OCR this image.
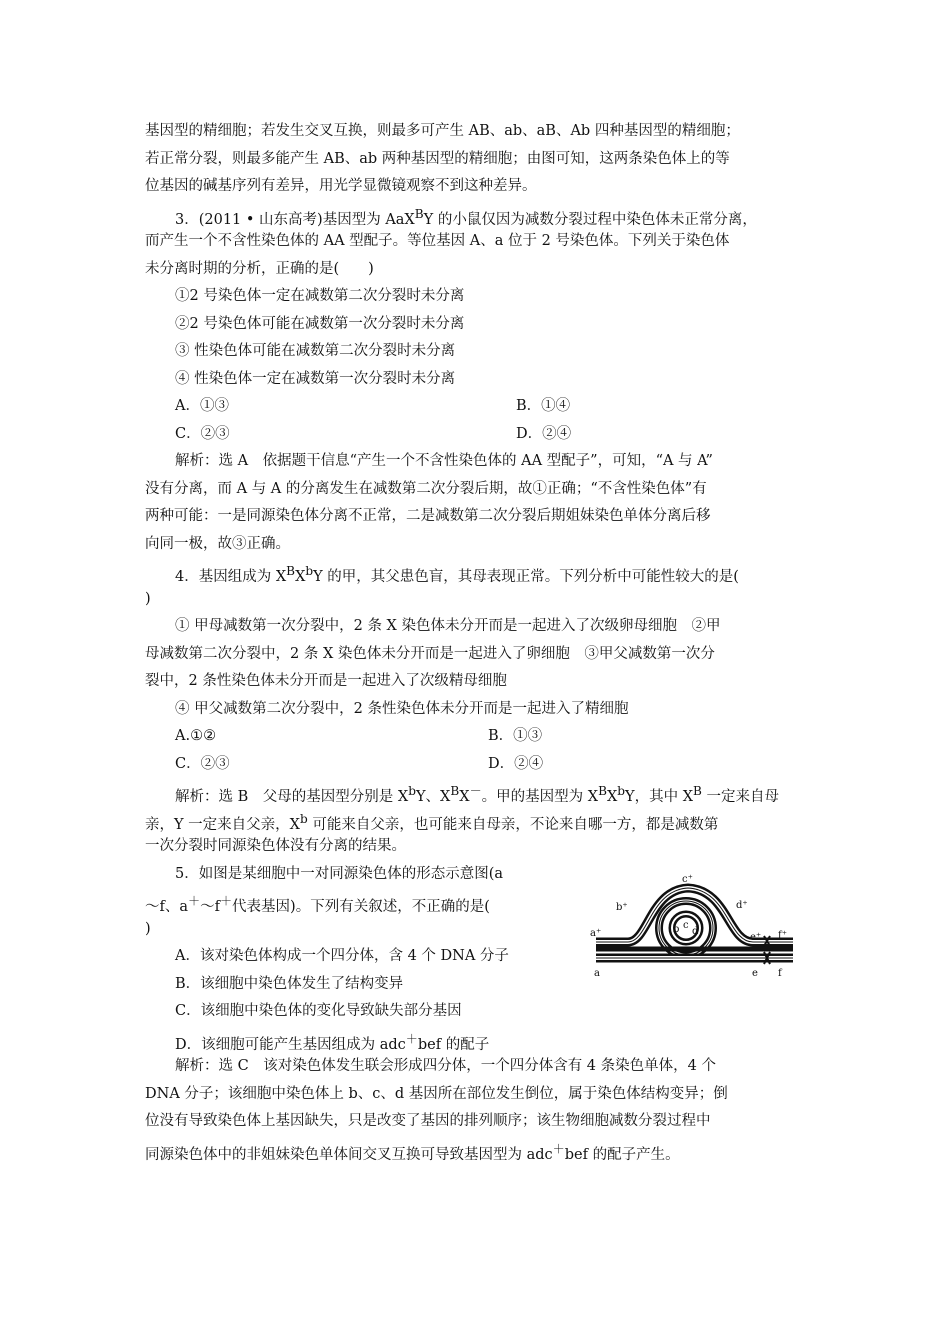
基因型的精细胞；若发生交叉互换，则最多可产生 AB、ab、aB、Ab 四种基因型的精细胞；
若正常分裂，则最多能产生 AB、ab 两种基因型的精细胞；由图可知，这两条染色体上的等
位基因的碱基序列有差异，用光学显微镜观察不到这种差异。
3．(2011 • 山东高考)基因型为 AaX$^B$Y 的小鼠仅因为减数分裂过程中染色体未正常分离，
而产生一个不含性染色体的 AA 型配子。等位基因 A、a 位于 2 号染色体。下列关于染色体
未分离时期的分析，正确的是(　　)
①2 号染色体一定在减数第二次分裂时未分离
②2 号染色体可能在减数第一次分裂时未分离
③ 性染色体可能在减数第二次分裂时未分离
④ 性染色体一定在减数第一次分裂时未分离
A．①③	B．①④
C．②③	D．②④
解析：选 A　依据题干信息“产生一个不含性染色体的 AA 型配子”，可知，“A 与 A”
没有分离，而 A 与 A 的分离发生在减数第二次分裂后期，故①正确；“不含性染色体”有
两种可能：一是同源染色体分离不正常，二是减数第二次分裂后期姐妹染色单体分离后移
向同一极，故③正确。
4．基因组成为 $X^BX^bY$ 的甲，其父患色盲，其母表现正常。下列分析中可能性较大的是(
)
① 甲母减数第一次分裂中，2 条 X 染色体未分开而是一起进入了次级卵母细胞　②甲
母减数第二次分裂中，2 条 X 染色体未分开而是一起进入了卵细胞　③甲父减数第一次分
裂中，2 条性染色体未分开而是一起进入了次级精母细胞
④ 甲父减数第二次分裂中，2 条性染色体未分开而是一起进入了精细胞
A.①②	B．①③
C．②③	D．②④
解析：选 B　父母的基因型分别是 $X^bY$、$X^BX^-$。甲的基因型为 $X^BX^bY$，其中 $X^B$ 一定来自母
亲，Y 一定来自父亲，$X^b$ 可能来自父亲，也可能来自母亲，不论来自哪一方，都是减数第
一次分裂时同源染色体没有分离的结果。
5．如图是某细胞中一对同源染色体的形态示意图(a
～f、a＋～f＋代表基因)。下列有关叙述，不正确的是(
)
A．该对染色体构成一个四分体，含 4 个 DNA 分子
B．该细胞中染色体发生了结构变异
C．该细胞中染色体的变化导致缺失部分基因
D．该细胞可能产生基因组成为 adc＋bef 的配子
解析：选 C　该对染色体发生联会形成四分体，一个四分体含有 4 条染色单体，4 个
DNA 分子；该细胞中染色体上 b、c、d 基因所在部位发生倒位，属于染色体结构变异；倒
位没有导致染色体上基因缺失，只是改变了基因的排列顺序；该生物细胞减数分裂过程中
同源染色体中的非姐妹染色单体间交叉互换可导致基因型为 adc＋bef 的配子产生。
a⁺
b⁺
c⁺
d⁺
e⁺ f⁺
b c
d
a	e f
